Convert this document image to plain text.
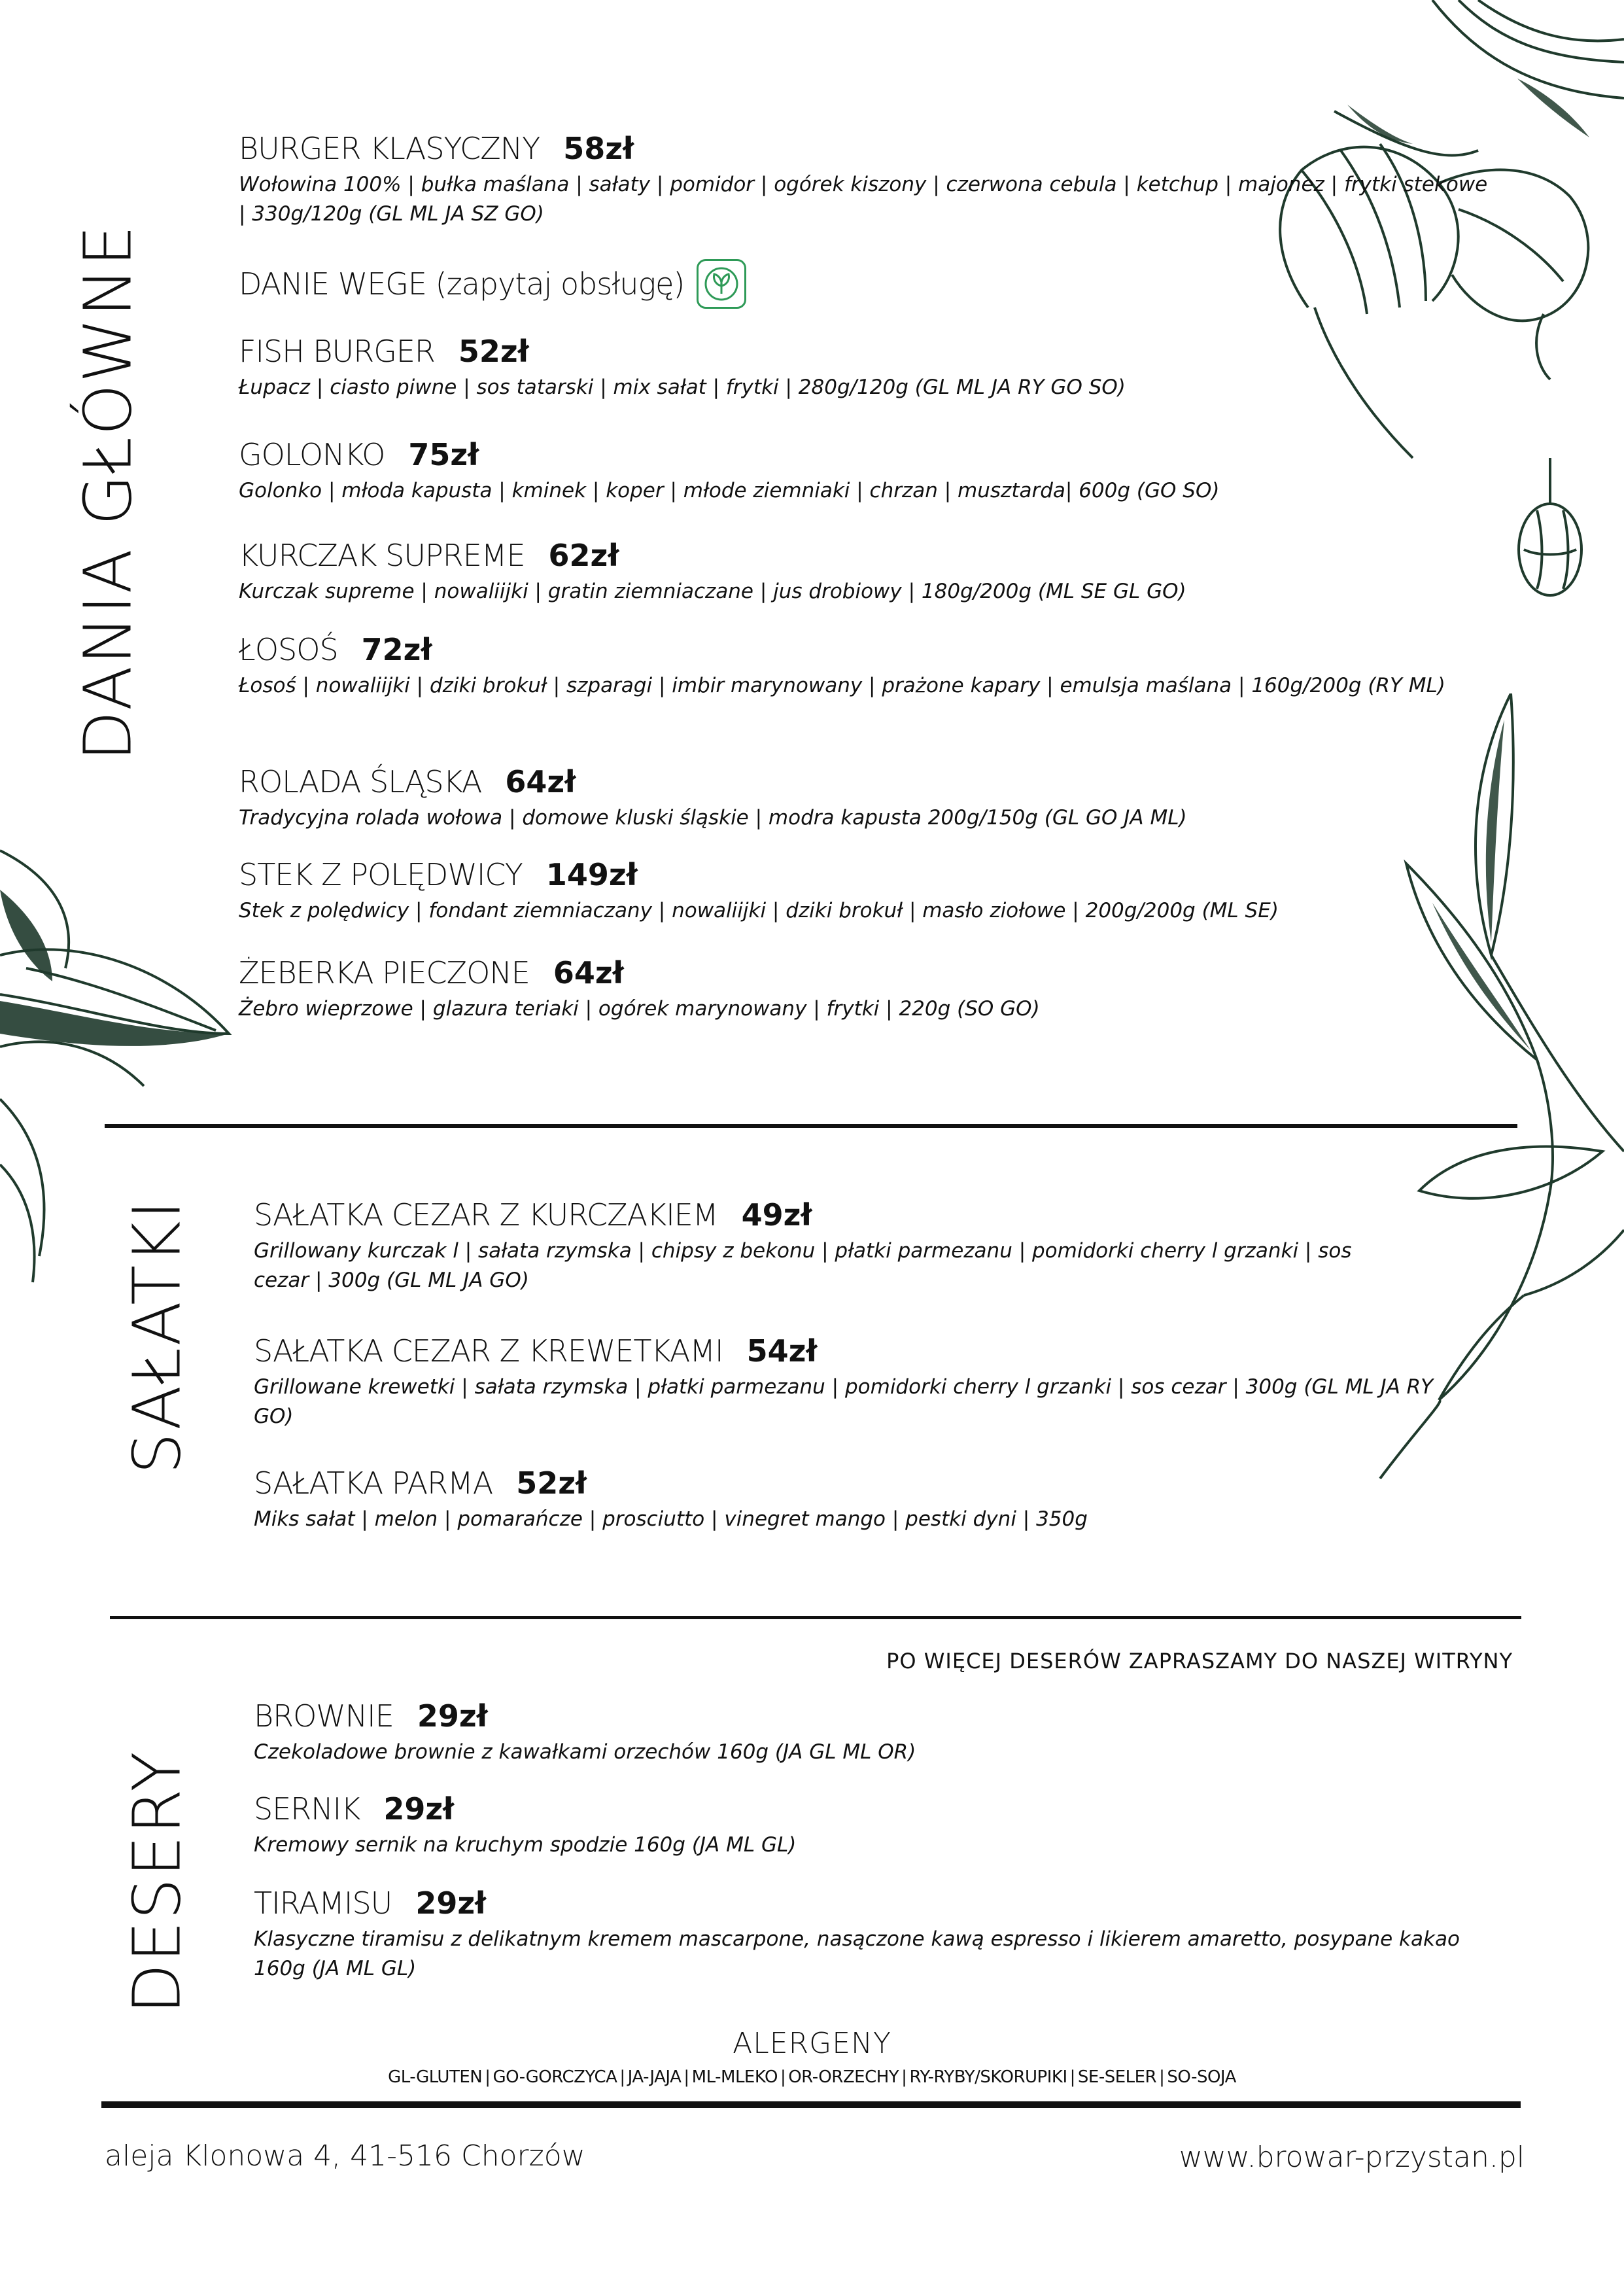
DANIA GŁÓWNE
SAŁATKI
DESERY
BURGER KLASYCZNY 58zł
Wołowina 100% | bułka maślana | sałaty | pomidor | ogórek kiszony | czerwona cebula | ketchup | majonez | frytki stekowe | 330g/120g (GL ML JA SZ GO)
DANIE WEGE (zapytaj obsługę)
FISH BURGER 52zł
Łupacz | ciasto piwne | sos tatarski | mix sałat | frytki | 280g/120g (GL ML JA RY GO SO)
GOLONKO 75zł
Golonko | młoda kapusta | kminek | koper | młode ziemniaki | chrzan | musztarda| 600g (GO SO)
KURCZAK SUPREME 62zł
Kurczak supreme | nowaliijki | gratin ziemniaczane | jus drobiowy | 180g/200g (ML SE GL GO)
ŁOSOŚ 72zł
Łosoś | nowaliijki | dziki brokuł | szparagi | imbir marynowany | prażone kapary | emulsja maślana | 160g/200g (RY ML)
ROLADA ŚLĄSKA 64zł
Tradycyjna rolada wołowa | domowe kluski śląskie | modra kapusta 200g/150g (GL GO JA ML)
STEK Z POLĘDWICY 149zł
Stek z polędwicy | fondant ziemniaczany | nowaliijki | dziki brokuł | masło ziołowe | 200g/200g (ML SE)
ŻEBERKA PIECZONE 64zł
Żebro wieprzowe | glazura teriaki | ogórek marynowany | frytki | 220g (SO GO)
SAŁATKA CEZAR Z KURCZAKIEM 49zł
Grillowany kurczak l | sałata rzymska | chipsy z bekonu | płatki parmezanu | pomidorki cherry l grzanki | sos cezar | 300g (GL ML JA GO)
SAŁATKA CEZAR Z KREWETKAMI 54zł
Grillowane krewetki | sałata rzymska | płatki parmezanu | pomidorki cherry l grzanki | sos cezar | 300g (GL ML JA RY GO)
SAŁATKA PARMA 52zł
Miks sałat | melon | pomarańcze | prosciutto | vinegret mango | pestki dyni | 350g
PO WIĘCEJ DESERÓW ZAPRASZAMY DO NASZEJ WITRYNY
BROWNIE 29zł
Czekoladowe brownie z kawałkami orzechów 160g (JA GL ML OR)
SERNIK 29zł
Kremowy sernik na kruchym spodzie 160g (JA ML GL)
TIRAMISU 29zł
Klasyczne tiramisu z delikatnym kremem mascarpone, nasączone kawą espresso i likierem amaretto, posypane kakao 160g (JA ML GL)
ALERGENY
GL-GLUTEN | GO-GORCZYCA | JA-JAJA | ML-MLEKO | OR-ORZECHY | RY-RYBY/SKORUPIKI | SE-SELER | SO-SOJA
aleja Klonowa 4, 41-516 Chorzów	www.browar-przystan.pl
